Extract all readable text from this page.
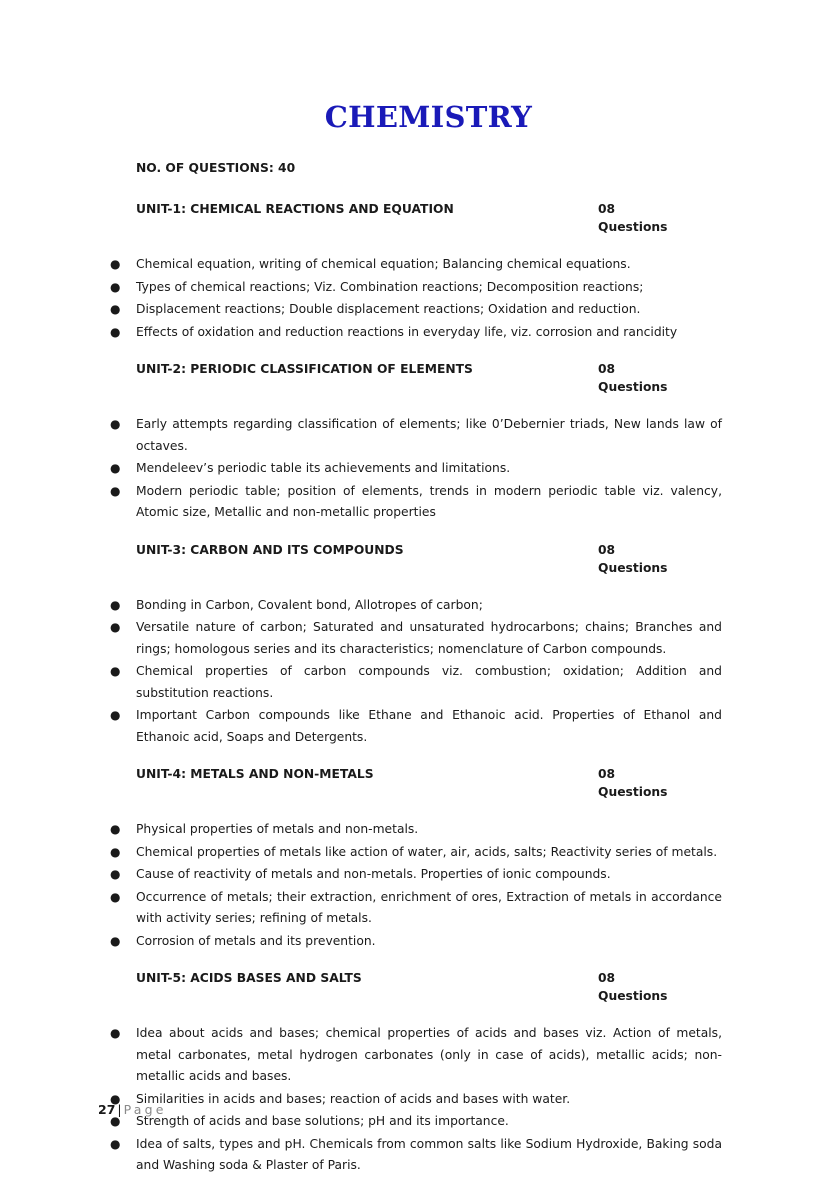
CHEMISTRY

NO. OF QUESTIONS: 40

UNIT-1: CHEMICAL REACTIONS AND EQUATION	08 Questions
● Chemical equation, writing of chemical equation; Balancing chemical equations.
● Types of chemical reactions; Viz. Combination reactions; Decomposition reactions;
● Displacement reactions; Double displacement reactions; Oxidation and reduction.
● Effects of oxidation and reduction reactions in everyday life, viz. corrosion and rancidity
UNIT-2: PERIODIC CLASSIFICATION OF ELEMENTS	08 Questions
● Early attempts regarding classification of elements; like 0’Debernier triads, New lands law of octaves.
● Mendeleev’s periodic table its achievements and limitations.
● Modern periodic table; position of elements, trends in modern periodic table viz. valency, Atomic size, Metallic and non-metallic properties
UNIT-3: CARBON AND ITS COMPOUNDS	08 Questions
● Bonding in Carbon, Covalent bond, Allotropes of carbon;
● Versatile nature of carbon; Saturated and unsaturated hydrocarbons; chains; Branches and rings; homologous series and its characteristics; nomenclature of Carbon compounds.
● Chemical properties of carbon compounds viz. combustion; oxidation; Addition and substitution reactions.
● Important Carbon compounds like Ethane and Ethanoic acid. Properties of Ethanol and Ethanoic acid, Soaps and Detergents.
UNIT-4: METALS AND NON-METALS	08 Questions
● Physical properties of metals and non-metals.
● Chemical properties of metals like action of water, air, acids, salts; Reactivity series of metals.
● Cause of reactivity of metals and non-metals. Properties of ionic compounds.
● Occurrence of metals; their extraction, enrichment of ores, Extraction of metals in accordance with activity series; refining of metals.
● Corrosion of metals and its prevention.
UNIT-5: ACIDS BASES AND SALTS	08 Questions
● Idea about acids and bases; chemical properties of acids and bases viz. Action of metals, metal carbonates, metal hydrogen carbonates (only in case of acids), metallic acids; non-metallic acids and bases.
● Similarities in acids and bases; reaction of acids and bases with water.
● Strength of acids and base solutions; pH and its importance.
● Idea of salts, types and pH. Chemicals from common salts like Sodium Hydroxide, Baking soda and Washing soda & Plaster of Paris.
27 | Page
